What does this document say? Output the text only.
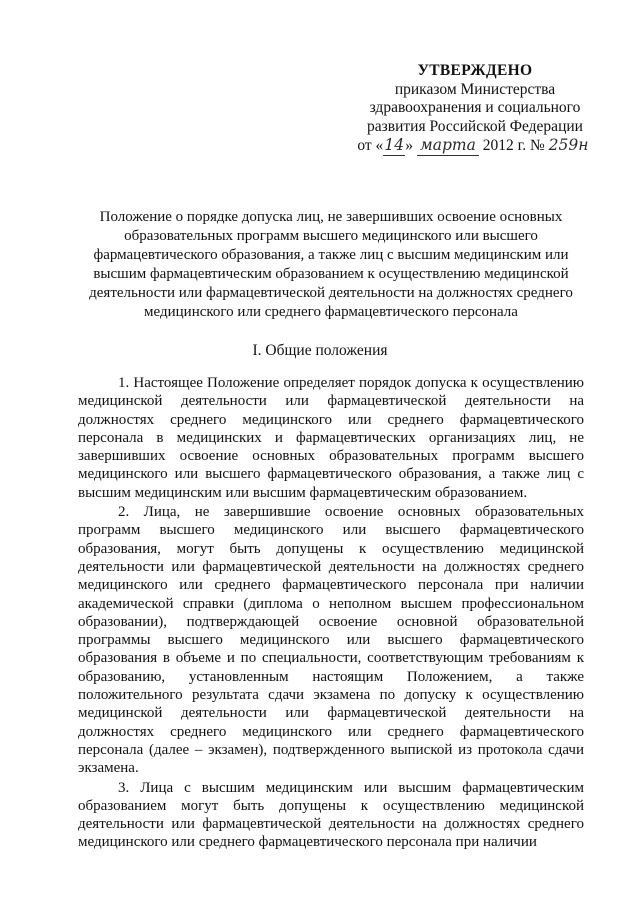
УТВЕРЖДЕНО
приказом Министерства
здравоохранения и социального
развития Российской Федерации
от «14» марта 2012 г. № 259н
Положение о порядке допуска лиц, не завершивших освоение основных образовательных программ высшего медицинского или высшего фармацевтического образования, а также лиц с высшим медицинским или высшим фармацевтическим образованием к осуществлению медицинской деятельности или фармацевтической деятельности на должностях среднего медицинского или среднего фармацевтического персонала
I. Общие положения

1. Настоящее Положение определяет порядок допуска к осуществлению медицинской деятельности или фармацевтической деятельности на должностях среднего медицинского или среднего фармацевтического персонала в медицинских и фармацевтических организациях лиц, не завершивших освоение основных образовательных программ высшего медицинского или высшего фармацевтического образования, а также лиц с высшим медицинским или высшим фармацевтическим образованием.

2. Лица, не завершившие освоение основных образовательных программ высшего медицинского или высшего фармацевтического образования, могут быть допущены к осуществлению медицинской деятельности или фармацевтической деятельности на должностях среднего медицинского или среднего фармацевтического персонала при наличии академической справки (диплома о неполном высшем профессиональном образовании), подтверждающей освоение основной образовательной программы высшего медицинского или высшего фармацевтического образования в объеме и по специальности, соответствующим требованиям к образованию, установленным настоящим Положением, а также положительного результата сдачи экзамена по допуску к осуществлению медицинской деятельности или фармацевтической деятельности на должностях среднего медицинского или среднего фармацевтического персонала (далее – экзамен), подтвержденного выпиской из протокола сдачи экзамена.

3. Лица с высшим медицинским или высшим фармацевтическим образованием могут быть допущены к осуществлению медицинской деятельности или фармацевтической деятельности на должностях среднего медицинского или среднего фармацевтического персонала при наличии
